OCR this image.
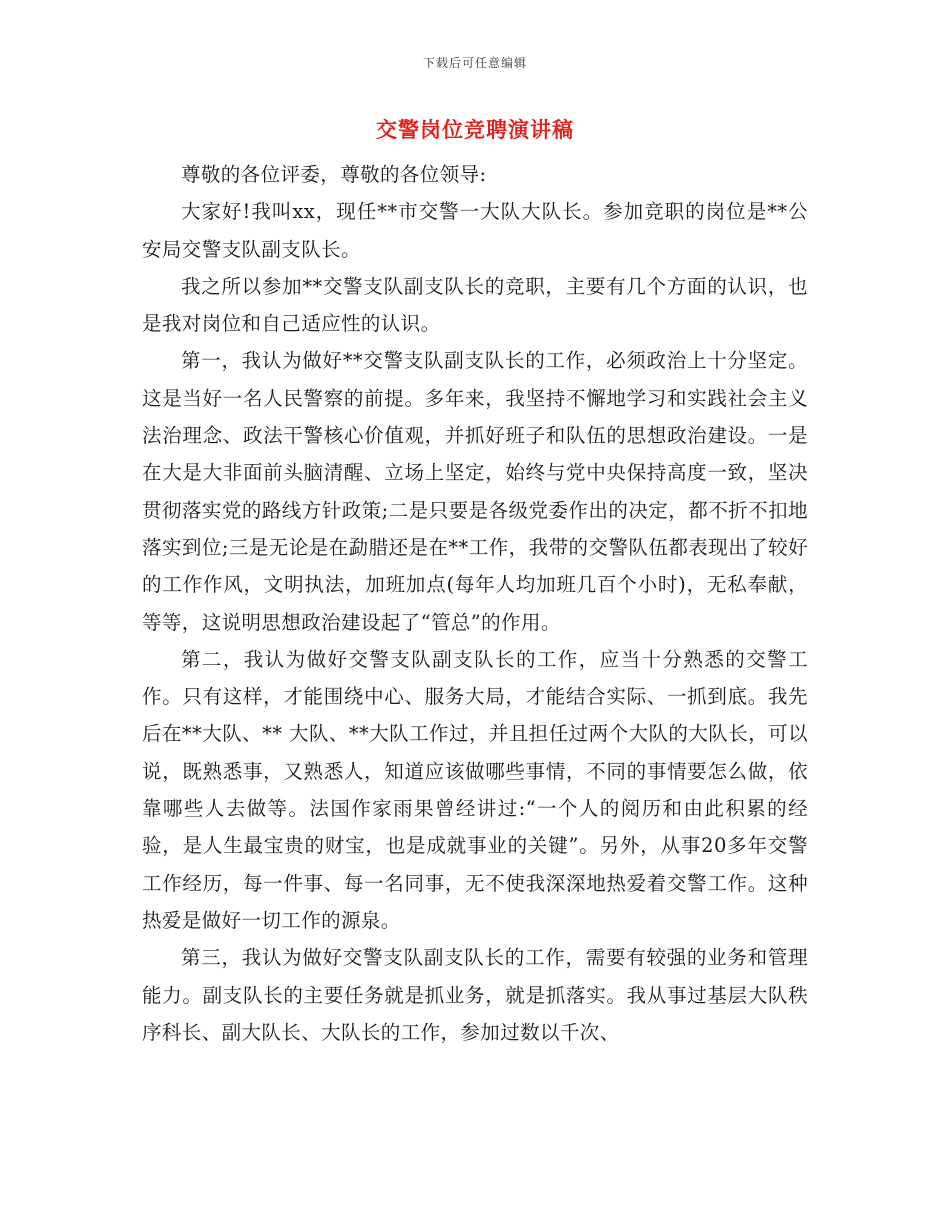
下载后可任意编辑
交警岗位竞聘演讲稿

尊敬的各位评委，尊敬的各位领导:

大家好!我叫xx，现任**市交警一大队大队长。参加竞职的岗位是**公安局交警支队副支队长。

我之所以参加**交警支队副支队长的竞职，主要有几个方面的认识，也是我对岗位和自己适应性的认识。

第一，我认为做好**交警支队副支队长的工作，必须政治上十分坚定。这是当好一名人民警察的前提。多年来，我坚持不懈地学习和实践社会主义法治理念、政法干警核心价值观，并抓好班子和队伍的思想政治建设。一是在大是大非面前头脑清醒、立场上坚定，始终与党中央保持高度一致，坚决贯彻落实党的路线方针政策;二是只要是各级党委作出的决定，都不折不扣地落实到位;三是无论是在勐腊还是在**工作，我带的交警队伍都表现出了较好的工作作风，文明执法，加班加点(每年人均加班几百个小时)，无私奉献，等等，这说明思想政治建设起了“管总”的作用。

第二，我认为做好交警支队副支队长的工作，应当十分熟悉的交警工作。只有这样，才能围绕中心、服务大局，才能结合实际、一抓到底。我先后在**大队、** 大队、**大队工作过，并且担任过两个大队的大队长，可以说，既熟悉事，又熟悉人，知道应该做哪些事情，不同的事情要怎么做，依靠哪些人去做等。法国作家雨果曾经讲过:“一个人的阅历和由此积累的经验，是人生最宝贵的财宝，也是成就事业的关键”。另外，从事20多年交警工作经历，每一件事、每一名同事，无不使我深深地热爱着交警工作。这种热爱是做好一切工作的源泉。

第三，我认为做好交警支队副支队长的工作，需要有较强的业务和管理能力。副支队长的主要任务就是抓业务，就是抓落实。我从事过基层大队秩序科长、副大队长、大队长的工作，参加过数以千次、
